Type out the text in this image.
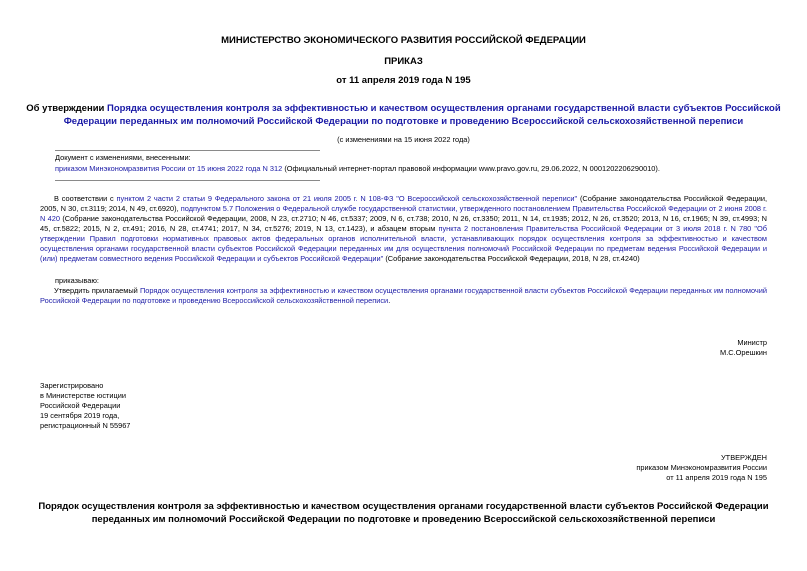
МИНИСТЕРСТВО ЭКОНОМИЧЕСКОГО РАЗВИТИЯ РОССИЙСКОЙ ФЕДЕРАЦИИ
ПРИКАЗ
от 11 апреля 2019 года N 195
Об утверждении Порядка осуществления контроля за эффективностью и качеством осуществления органами государственной власти субъектов Российской Федерации переданных им полномочий Российской Федерации по подготовке и проведению Всероссийской сельскохозяйственной переписи
(с изменениями на 15 июня 2022 года)

Документ с изменениями, внесенными:

приказом Минэкономразвития России от 15 июня 2022 года N 312 (Официальный интернет-портал правовой информации www.pravo.gov.ru, 29.06.2022, N 0001202206290010).

В соответствии с пунктом 2 части 2 статьи 9 Федерального закона от 21 июля 2005 г. N 108-ФЗ "О Всероссийской сельскохозяйственной переписи" (Собрание законодательства Российской Федерации, 2005, N 30, ст.3119; 2014, N 49, ст.6920), подпунктом 5.7 Положения о Федеральной службе государственной статистики, утвержденного постановлением Правительства Российской Федерации от 2 июня 2008 г. N 420 (Собрание законодательства Российской Федерации, 2008, N 23, ст.2710; N 46, ст.5337; 2009, N 6, ст.738; 2010, N 26, ст.3350; 2011, N 14, ст.1935; 2012, N 26, ст.3520; 2013, N 16, ст.1965; N 39, ст.4993; N 45, ст.5822; 2015, N 2, ст.491; 2016, N 28, ст.4741; 2017, N 34, ст.5276; 2019, N 13, ст.1423), и абзацем вторым пункта 2 постановления Правительства Российской Федерации от 3 июля 2018 г. N 780 "Об утверждении Правил подготовки нормативных правовых актов федеральных органов исполнительной власти, устанавливающих порядок осуществления контроля за эффективностью и качеством осуществления органами государственной власти субъектов Российской Федерации переданных им для осуществления полномочий Российской Федерации по предметам ведения Российской Федерации и (или) предметам совместного ведения Российской Федерации и субъектов Российской Федерации" (Собрание законодательства Российской Федерации, 2018, N 28, ст.4240)
приказываю:
Утвердить прилагаемый Порядок осуществления контроля за эффективностью и качеством осуществления органами государственной власти субъектов Российской Федерации переданных им полномочий Российской Федерации по подготовке и проведению Всероссийской сельскохозяйственной переписи.

Министр

М.С.Орешкин

Зарегистрировано

в Министерстве юстиции

Российской Федерации

19 сентября 2019 года,

регистрационный N 55967

УТВЕРЖДЕН

приказом Минэкономразвития России

от 11 апреля 2019 года N 195

Порядок осуществления контроля за эффективностью и качеством осуществления органами государственной власти субъектов Российской Федерации

переданных им полномочий Российской Федерации по подготовке и проведению Всероссийской сельскохозяйственной переписи
